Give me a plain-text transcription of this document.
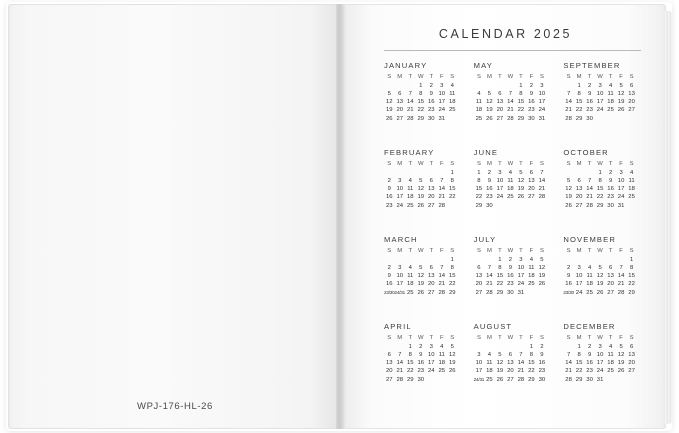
WPJ-176-HL-26
CALENDAR 2025
JANUARY
S	M	T	W	T	F	S
			1	2	3	4
5	6	7	8	9	10	11
12	13	14	15	16	17	18
19	20	21	22	23	24	25
26	27	28	29	30	31	
MAY
S	M	T	W	T	F	S
				1	2	3
4	5	6	7	8	9	10
11	12	13	14	15	16	17
18	19	20	21	22	23	24
25	26	27	28	29	30	31
SEPTEMBER
S	M	T	W	T	F	S
	1	2	3	4	5	6
7	8	9	10	11	12	13
14	15	16	17	18	19	20
21	22	23	24	25	26	27
28	29	30				
FEBRUARY
S	M	T	W	T	F	S
						1
2	3	4	5	6	7	8
9	10	11	12	13	14	15
16	17	18	19	20	21	22
23	24	25	26	27	28	
JUNE
S	M	T	W	T	F	S
1	2	3	4	5	6	7
8	9	10	11	12	13	14
15	16	17	18	19	20	21
22	23	24	25	26	27	28
29	30					
OCTOBER
S	M	T	W	T	F	S
			1	2	3	4
5	6	7	8	9	10	11
12	13	14	15	16	17	18
19	20	21	22	23	24	25
26	27	28	29	30	31	
MARCH
S	M	T	W	T	F	S
						1
2	3	4	5	6	7	8
9	10	11	12	13	14	15
16	17	18	19	20	21	22
23/30	24/31	25	26	27	28	29
JULY
S	M	T	W	T	F	S
		1	2	3	4	5
6	7	8	9	10	11	12
13	14	15	16	17	18	19
20	21	22	23	24	25	26
27	28	29	30	31		
NOVEMBER
S	M	T	W	T	F	S
						1
2	3	4	5	6	7	8
9	10	11	12	13	14	15
16	17	18	19	20	21	22
23/30	24	25	26	27	28	29
APRIL
S	M	T	W	T	F	S
		1	2	3	4	5
6	7	8	9	10	11	12
13	14	15	16	17	18	19
20	21	22	23	24	25	26
27	28	29	30			
AUGUST
S	M	T	W	T	F	S
					1	2
3	4	5	6	7	8	9
10	11	12	13	14	15	16
17	18	19	20	21	22	23
24/31	25	26	27	28	29	30
DECEMBER
S	M	T	W	T	F	S
	1	2	3	4	5	6
7	8	9	10	11	12	13
14	15	16	17	18	19	20
21	22	23	24	25	26	27
28	29	30	31			
